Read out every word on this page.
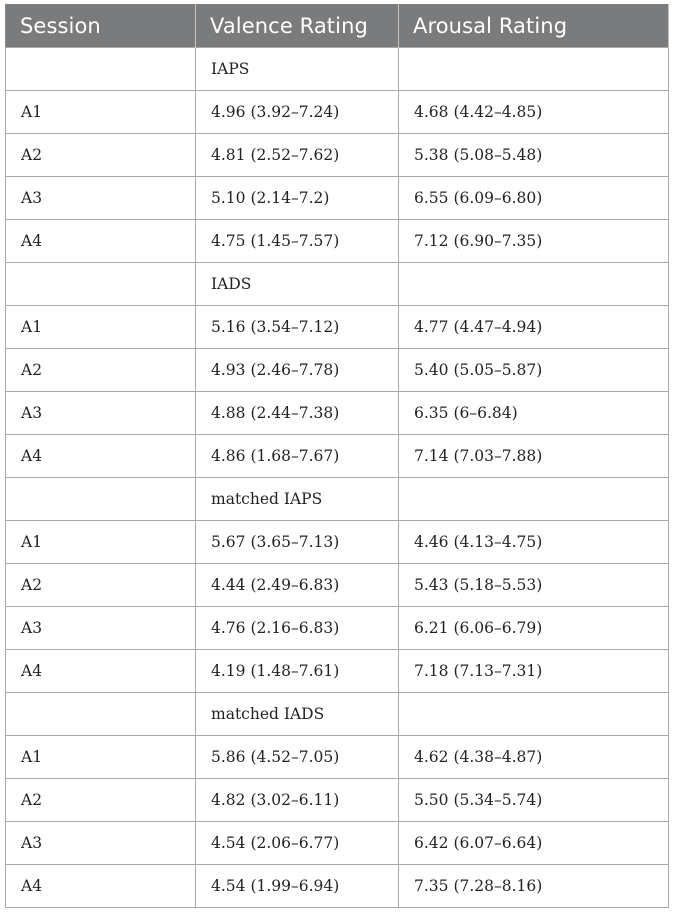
Session	Valence Rating	Arousal Rating
	IAPS	
A1	4.96 (3.92–7.24)	4.68 (4.42–4.85)
A2	4.81 (2.52–7.62)	5.38 (5.08–5.48)
A3	5.10 (2.14–7.2)	6.55 (6.09–6.80)
A4	4.75 (1.45–7.57)	7.12 (6.90–7.35)
	IADS	
A1	5.16 (3.54–7.12)	4.77 (4.47–4.94)
A2	4.93 (2.46–7.78)	5.40 (5.05–5.87)
A3	4.88 (2.44–7.38)	6.35 (6–6.84)
A4	4.86 (1.68–7.67)	7.14 (7.03–7.88)
	matched IAPS	
A1	5.67 (3.65–7.13)	4.46 (4.13–4.75)
A2	4.44 (2.49–6.83)	5.43 (5.18–5.53)
A3	4.76 (2.16–6.83)	6.21 (6.06–6.79)
A4	4.19 (1.48–7.61)	7.18 (7.13–7.31)
	matched IADS	
A1	5.86 (4.52–7.05)	4.62 (4.38–4.87)
A2	4.82 (3.02–6.11)	5.50 (5.34–5.74)
A3	4.54 (2.06–6.77)	6.42 (6.07–6.64)
A4	4.54 (1.99–6.94)	7.35 (7.28–8.16)
